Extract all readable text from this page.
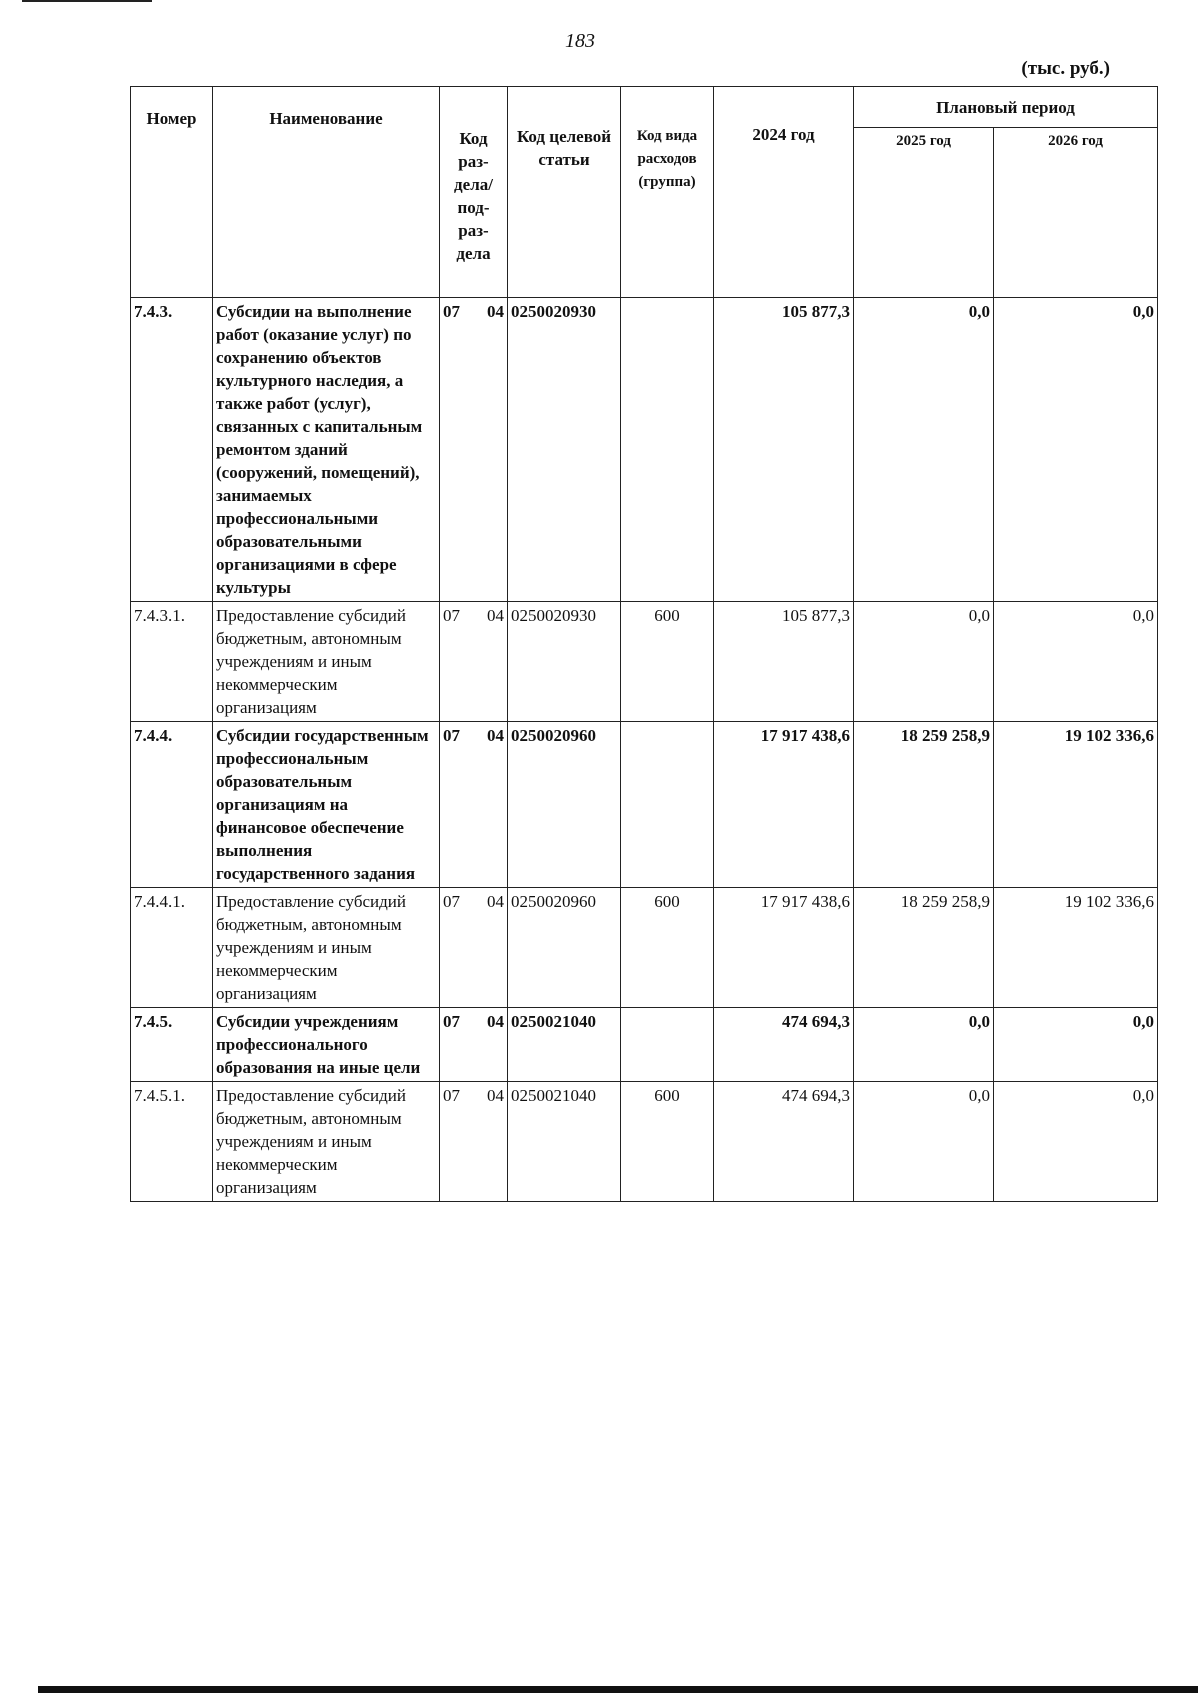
183
(тыс. руб.)
Номер	Наименование	Код раз-дела/ под-раз-дела	Код целевой статьи	Код вида расходов (группа)	2024 год	Плановый период	
						2025 год	2026 год
7.4.3.	Субсидии на выполнение работ (оказание услуг) по сохранению объектов культурного наследия, а также работ (услуг), связанных с капитальным ремонтом зданий (сооружений, помещений), занимаемых профессиональными образовательными организациями в сфере культуры	07 04	0250020930		105 877,3	0,0	0,0
7.4.3.1.	Предоставление субсидий бюджетным, автономным учреждениям и иным некоммерческим организациям	07 04	0250020930	600	105 877,3	0,0	0,0
7.4.4.	Субсидии государственным профессиональным образовательным организациям на финансовое обеспечение выполнения государственного задания	07 04	0250020960		17 917 438,6	18 259 258,9	19 102 336,6
7.4.4.1.	Предоставление субсидий бюджетным, автономным учреждениям и иным некоммерческим организациям	07 04	0250020960	600	17 917 438,6	18 259 258,9	19 102 336,6
7.4.5.	Субсидии учреждениям профессионального образования на иные цели	07 04	0250021040		474 694,3	0,0	0,0
7.4.5.1.	Предоставление субсидий бюджетным, автономным учреждениям и иным некоммерческим организациям	07 04	0250021040	600	474 694,3	0,0	0,0
